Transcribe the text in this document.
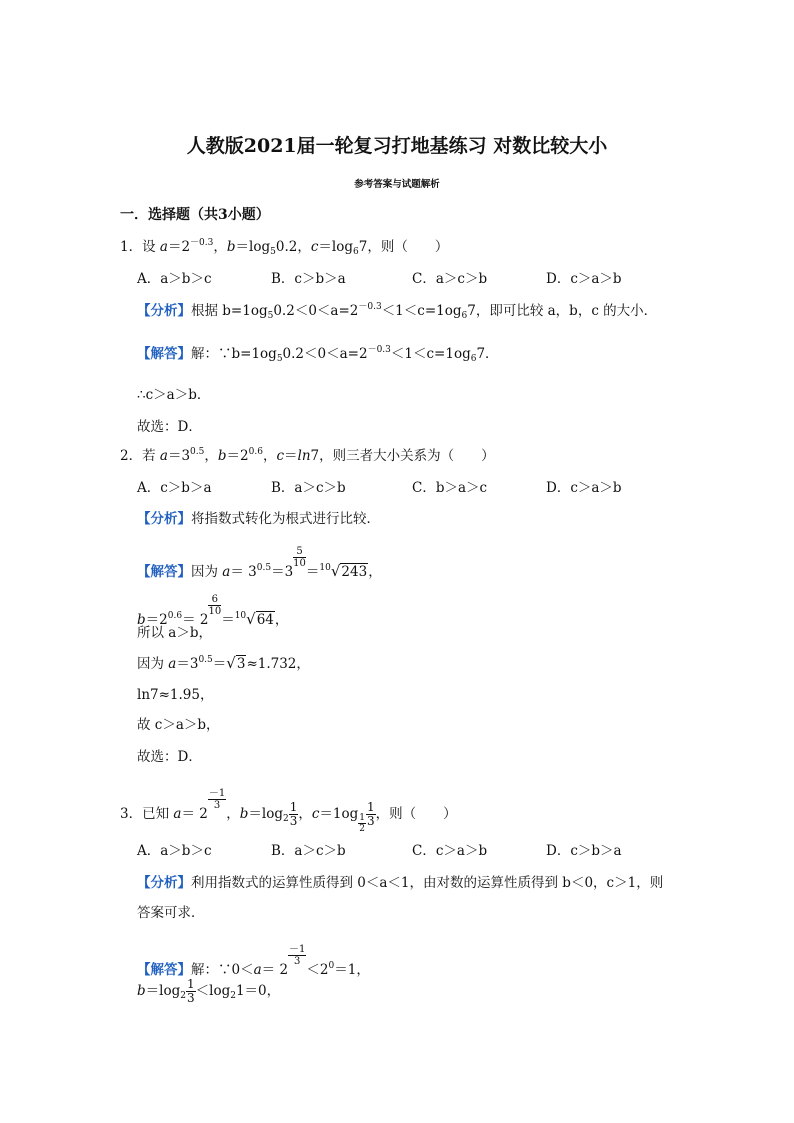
人教版2021届一轮复习打地基练习 对数比较大小
参考答案与试题解析
一．选择题（共3小题）
1．设 $a=2^{-0.3}$，$b=\log_50.2$，$c=\log_67$，则（　　）
A．a＞b＞c	B．c＞b＞a	C．a＞c＞b	D．c＞a＞b
【分析】根据 $b=1og_50.2<0<a=2^{-0.3}<1<c=1og_67$，即可比较 a，b，c 的大小．
【解答】解：$\because b=1og_50.2<0<a=2^{-0.3}<1<c=1og_67$．
∴c＞a＞b．
故选：D．
2．若 $a=3^{0.5}$，$b=2^{0.6}$，c＝ln7，则三者大小关系为（　　）
A．c＞b＞a	B．a＞c＞b	C．b＞a＞c	D．c＞a＞b
【分析】将指数式转化为根式进行比较．
【解答】因为 $a= 3^{0.5}=3$
$\frac{5}{10}$
＝$^{10}$√243，
$b=2^{0.6}= 2$
$\frac{6}{10}$
＝$^{10}$√64，
所以 a＞b，
因为 $a=3^{0.5}=√3\approx 1.732$，
ln7≈1.95，
故 c＞a＞b，
故选：D．
3．已知 a＝ 2
$\frac{-1}{3}$
，$b=\log_2 \frac{1}{3}$ ，c＝1og $_{\frac{1}{2}} \frac{1}{3}$ ，则（　　）
A．a＞b＞c	B．a＞c＞b	C．c＞a＞b	D．c＞b＞a
【分析】利用指数式的运算性质得到 0＜a＜1，由对数的运算性质得到 b＜0，c＞1，则
答案可求．
【解答】解：∵0＜a＝ 2
$\frac{-1}{3}$
$<2^0=1$，
$b=\log_2 \frac{1}{3} <\log_21=0$，
